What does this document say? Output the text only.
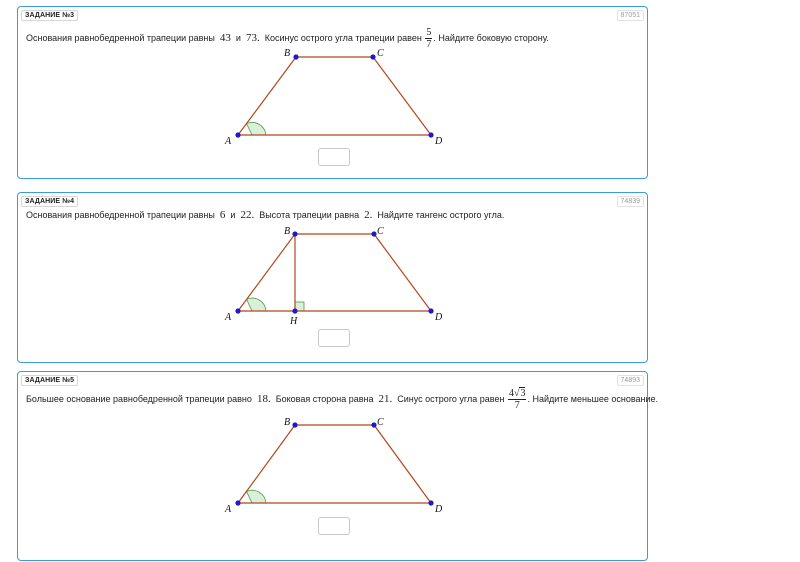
ЗАДАНИЕ №3	87051
Основания равнобедренной трапеции равны 43 и 73. Косинус острого угла трапеции равен $\frac{5}{7}$ . Найдите боковую сторону.
A
B	C
D
ЗАДАНИЕ №4	74839
Основания равнобедренной трапеции равны 6 и 22. Высота трапеции равна 2. Найдите тангенс острого угла.
A
B	C
D
H
ЗАДАНИЕ №5	74893
Большее основание равнобедренной трапеции равно 18. Боковая сторона равна 21. Синус острого угла равен $\frac{4√3}{7}$ . Найдите меньшее основание.
A
B	C
D
